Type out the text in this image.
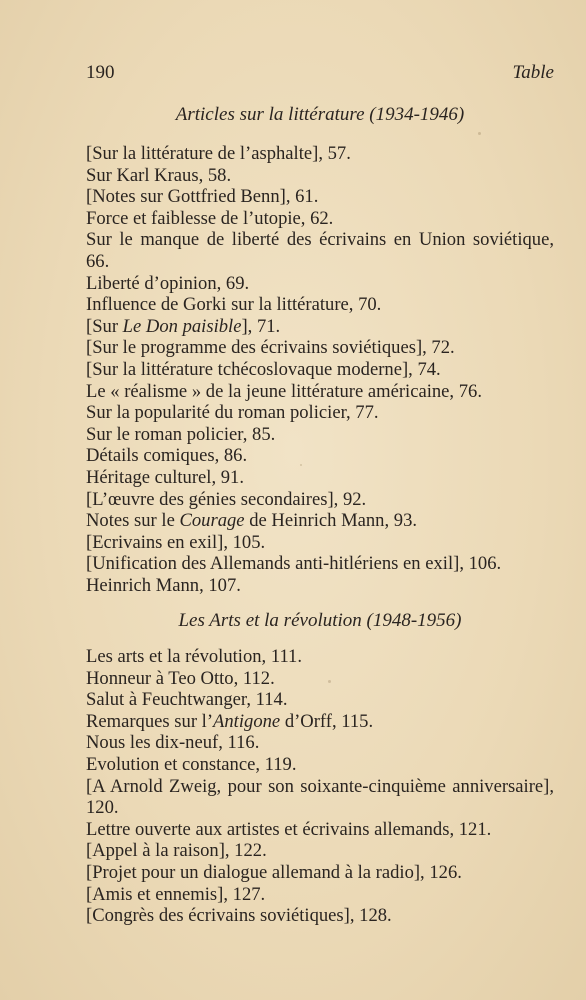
190	Table
Articles sur la littérature (1934-1946)
[Sur la littérature de l’asphalte], 57.
Sur Karl Kraus, 58.
[Notes sur Gottfried Benn], 61.
Force et faiblesse de l’utopie, 62.
Sur le manque de liberté des écrivains en Union soviétique, 66.
Liberté d’opinion, 69.
Influence de Gorki sur la littérature, 70.
[Sur Le Don paisible], 71.
[Sur le programme des écrivains soviétiques], 72.
[Sur la littérature tchécoslovaque moderne], 74.
Le « réalisme » de la jeune littérature américaine, 76.
Sur la popularité du roman policier, 77.
Sur le roman policier, 85.
Détails comiques, 86.
Héritage culturel, 91.
[L’œuvre des génies secondaires], 92.
Notes sur le Courage de Heinrich Mann, 93.
[Ecrivains en exil], 105.
[Unification des Allemands anti-hitlériens en exil], 106.
Heinrich Mann, 107.
Les Arts et la révolution (1948-1956)
Les arts et la révolution, 111.
Honneur à Teo Otto, 112.
Salut à Feuchtwanger, 114.
Remarques sur l’Antigone d’Orff, 115.
Nous les dix-neuf, 116.
Evolution et constance, 119.
[A Arnold Zweig, pour son soixante-cinquième anniversaire], 120.
Lettre ouverte aux artistes et écrivains allemands, 121.
[Appel à la raison], 122.
[Projet pour un dialogue allemand à la radio], 126.
[Amis et ennemis], 127.
[Congrès des écrivains soviétiques], 128.
